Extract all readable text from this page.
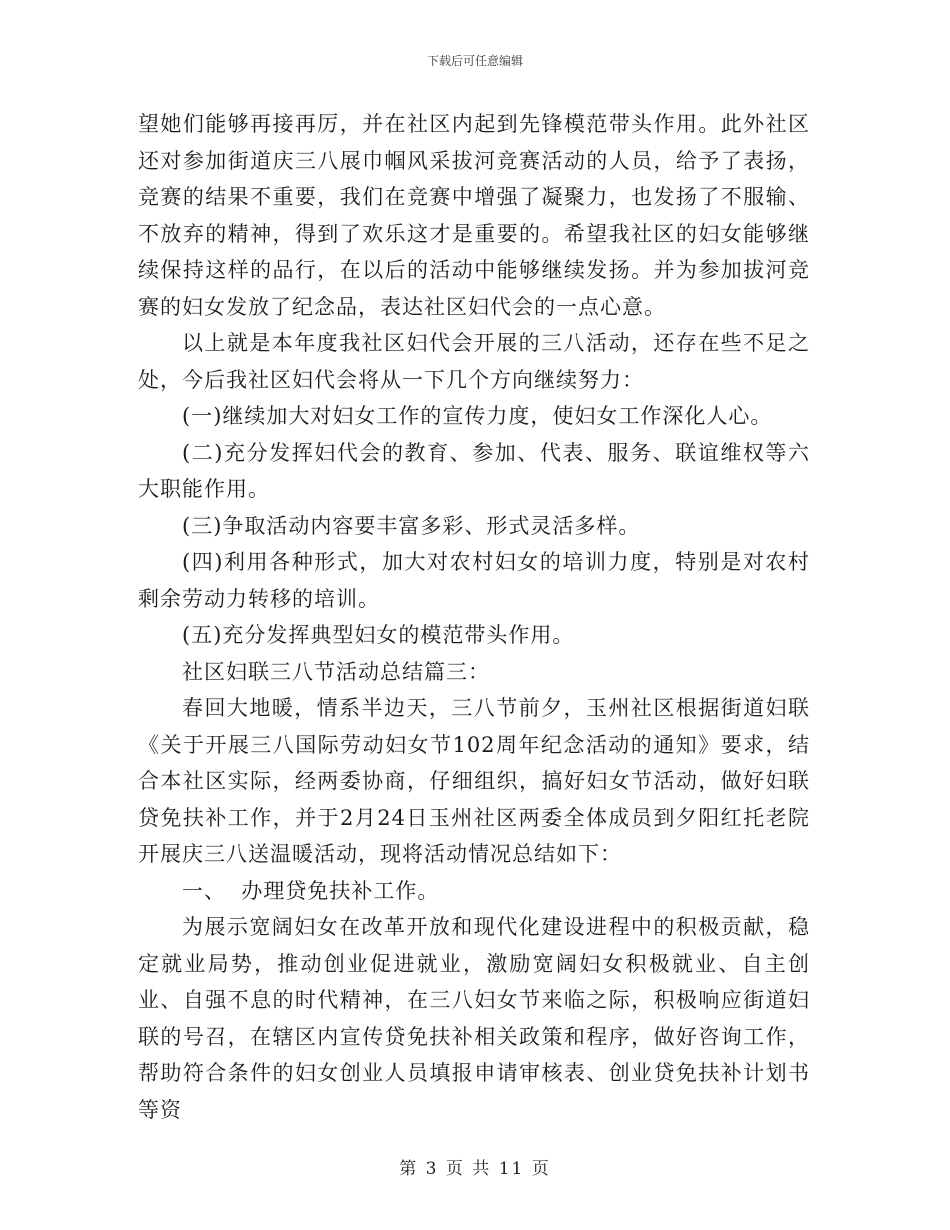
下载后可任意编辑

望她们能够再接再厉，并在社区内起到先锋模范带头作用。此外社区还对参加街道庆三八展巾帼风采拔河竞赛活动的人员，给予了表扬，竞赛的结果不重要，我们在竞赛中增强了凝聚力，也发扬了不服输、不放弃的精神，得到了欢乐这才是重要的。希望我社区的妇女能够继续保持这样的品行，在以后的活动中能够继续发扬。并为参加拔河竞赛的妇女发放了纪念品，表达社区妇代会的一点心意。

以上就是本年度我社区妇代会开展的三八活动，还存在些不足之处，今后我社区妇代会将从一下几个方向继续努力：

(一)继续加大对妇女工作的宣传力度，使妇女工作深化人心。

(二)充分发挥妇代会的教育、参加、代表、服务、联谊维权等六大职能作用。

(三)争取活动内容要丰富多彩、形式灵活多样。

(四)利用各种形式，加大对农村妇女的培训力度，特别是对农村剩余劳动力转移的培训。

(五)充分发挥典型妇女的模范带头作用。

社区妇联三八节活动总结篇三：

春回大地暖，情系半边天，三八节前夕，玉州社区根据街道妇联《关于开展三八国际劳动妇女节102周年纪念活动的通知》要求，结合本社区实际，经两委协商，仔细组织，搞好妇女节活动，做好妇联贷免扶补工作，并于2月24日玉州社区两委全体成员到夕阳红托老院开展庆三八送温暖活动，现将活动情况总结如下：

一、  办理贷免扶补工作。

为展示宽阔妇女在改革开放和现代化建设进程中的积极贡献，稳定就业局势，推动创业促进就业，激励宽阔妇女积极就业、自主创业、自强不息的时代精神，在三八妇女节来临之际，积极响应街道妇联的号召，在辖区内宣传贷免扶补相关政策和程序，做好咨询工作，帮助符合条件的妇女创业人员填报申请审核表、创业贷免扶补计划书等资

第 3 页 共 11 页
